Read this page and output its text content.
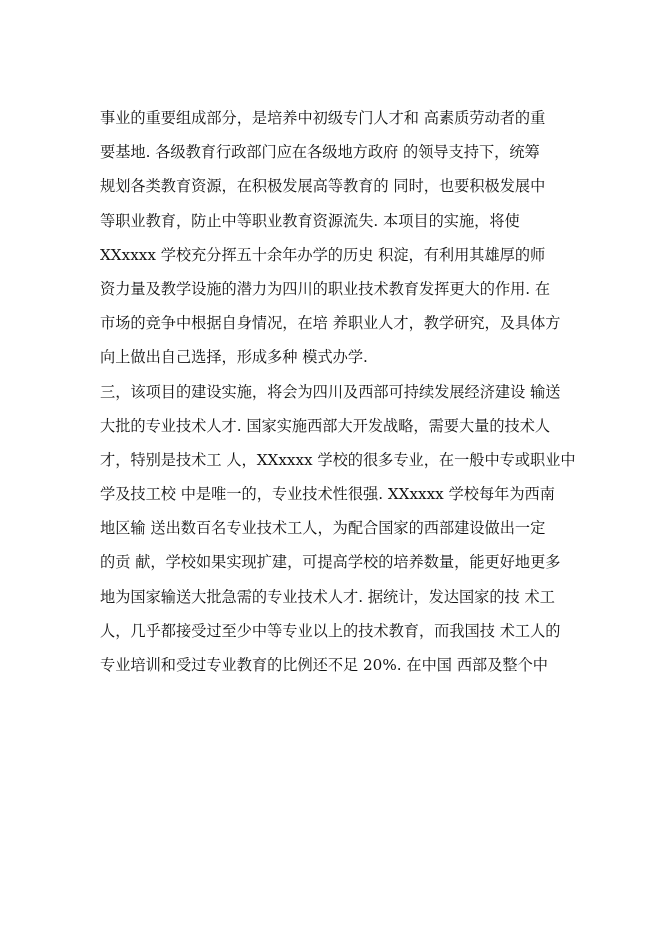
事业的重要组成部分，是培养中初级专门人才和 高素质劳动者的重
要基地. 各级教育行政部门应在各级地方政府 的领导支持下，统筹
规划各类教育资源，在积极发展高等教育的 同时，也要积极发展中
等职业教育，防止中等职业教育资源流失. 本项目的实施，将使
XXxxxx 学校充分挥五十余年办学的历史 积淀，有利用其雄厚的师
资力量及教学设施的潜力为四川的职业技术教育发挥更大的作用. 在
市场的竞争中根据自身情况，在培 养职业人才，教学研究，及具体方
向上做出自己选择，形成多种 模式办学.
三，该项目的建设实施，将会为四川及西部可持续发展经济建设 输送
大批的专业技术人才. 国家实施西部大开发战略，需要大量的技术人
才，特别是技术工 人，XXxxxx 学校的很多专业，在一般中专或职业中
学及技工校 中是唯一的，专业技术性很强. XXxxxx 学校每年为西南
地区输 送出数百名专业技术工人，为配合国家的西部建设做出一定
的贡 献，学校如果实现扩建，可提高学校的培养数量，能更好地更多
地为国家输送大批急需的专业技术人才. 据统计，发达国家的技 术工
人，几乎都接受过至少中等专业以上的技术教育，而我国技 术工人的
专业培训和受过专业教育的比例还不足 20%. 在中国 西部及整个中
